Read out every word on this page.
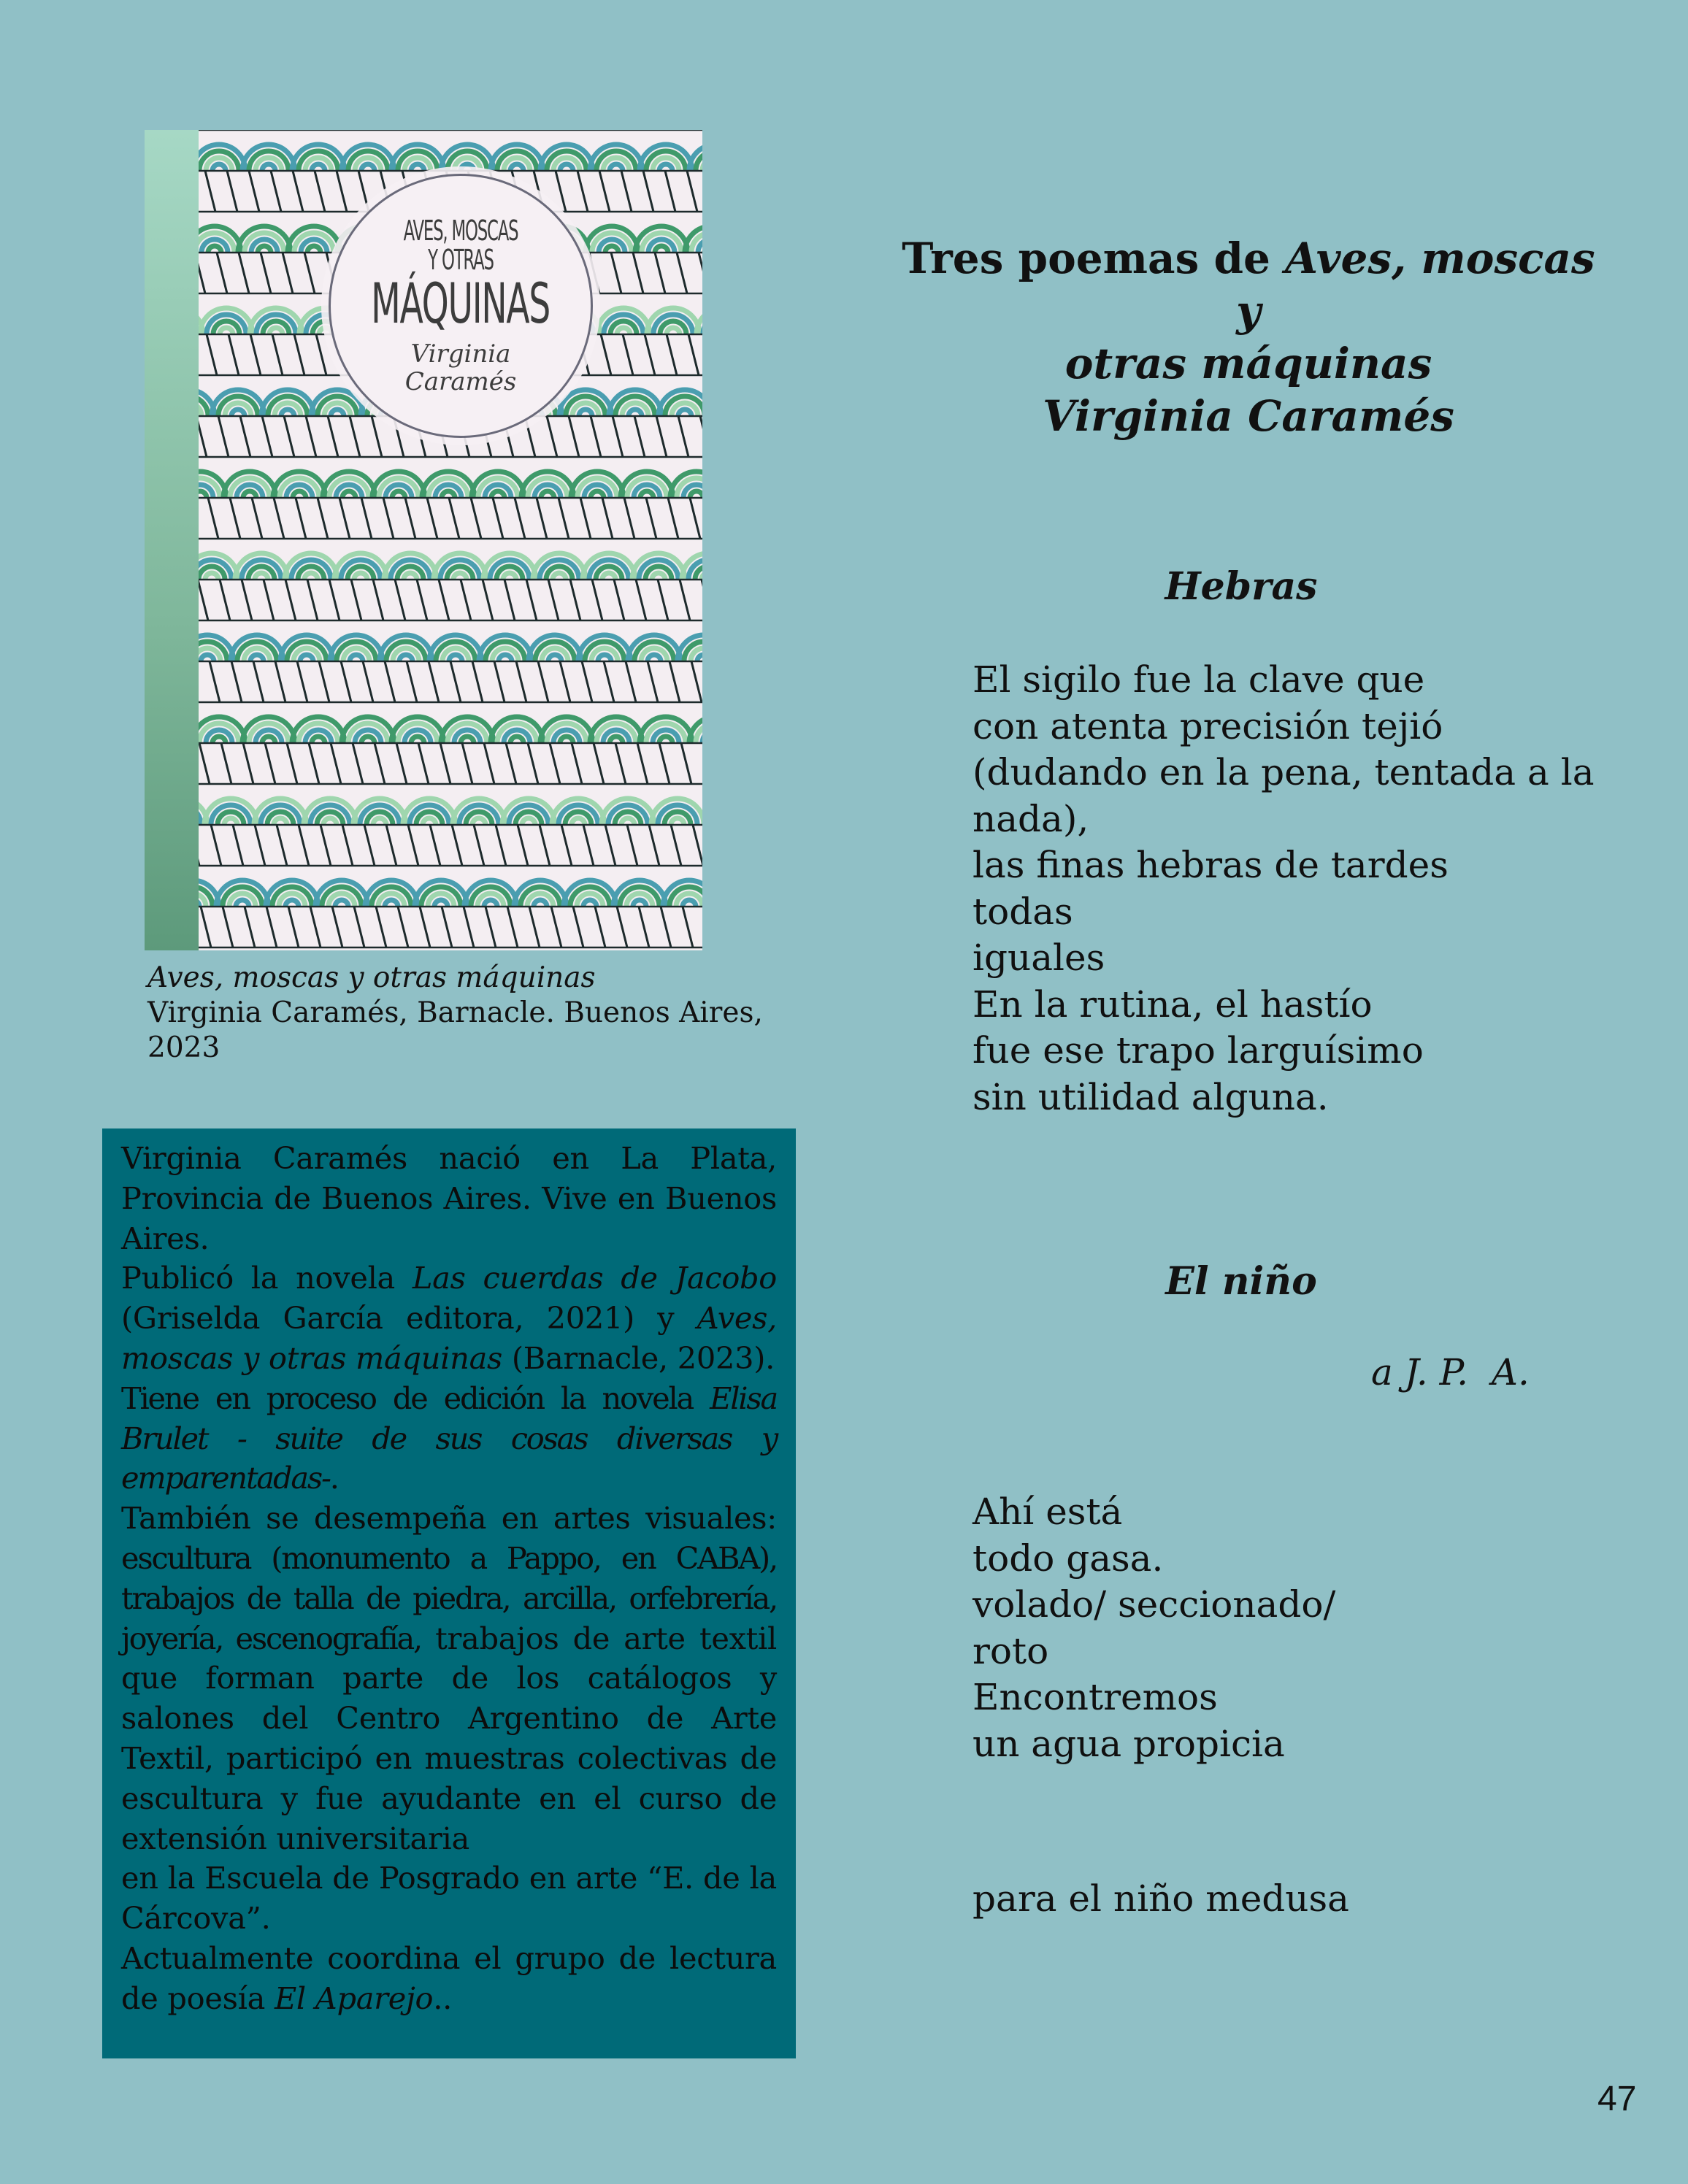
AVES, MOSCAS
Y OTRAS
MÁQUINAS
Virginia Caramés
Aves, moscas y otras máquinas
Virginia Caramés, Barnacle. Buenos Aires,
2023

Virginia Caramés nació en La Plata, Provincia de Buenos Aires. Vive en Buenos Aires.

Publicó la novela Las cuerdas de Jacobo (Griselda García editora, 2021) y Aves, moscas y otras máquinas (Barnacle, 2023).

Tiene en proceso de edición la novela Elisa Brulet - suite de sus cosas diversas y emparentadas-.

También se desempeña en artes visuales: escultura (monumento a Pappo, en CABA), trabajos de talla de piedra, arcilla, orfebrería, joyería, escenografía, trabajos de arte textil que forman parte de los catálogos y salones del Centro Argentino de Arte Textil, participó en muestras colectivas de escultura y fue ayudante en el curso de extensión universitaria

en la Escuela de Posgrado en arte “E. de la Cárcova”.

Actualmente coordina el grupo de lectura de poesía El Aparejo..

Tres poemas de Aves, moscas y
otras máquinas
Virginia Caramés
Hebras
El sigilo fue la clave que
con atenta precisión tejió
(dudando en la pena, tentada a la
nada),
las finas hebras de tardes
todas
iguales
En la rutina, el hastío
fue ese trapo larguísimo
sin utilidad alguna.
El niño
a J. P.  A.
Ahí está
todo gasa.
volado/ seccionado/
roto
Encontremos
un agua propicia
para el niño medusa
47
